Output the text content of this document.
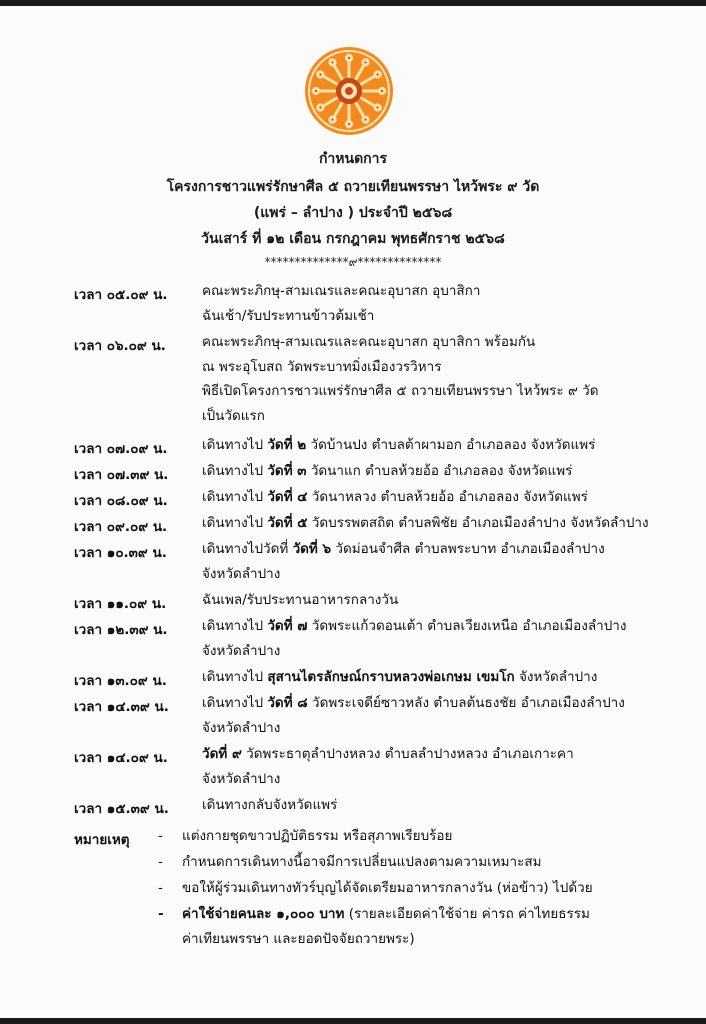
กำหนดการ
โครงการชาวแพร่รักษาศีล ๕ ถวายเทียนพรรษา ไหว้พระ ๙ วัด
(แพร่ – ลำปาง ) ประจำปี ๒๕๖๘
วันเสาร์ ที่ ๑๒ เดือน กรกฎาคม พุทธศักราช ๒๕๖๘
**************๙**************
เวลา ๐๕.๐๙ น.	คณะพระภิกษุ-สามเณรและคณะอุบาสก อุบาสิกา
ฉันเช้า/รับประทานข้าวต้มเช้า
เวลา ๐๖.๐๙ น.	คณะพระภิกษุ-สามเณรและคณะอุบาสก อุบาสิกา พร้อมกัน
ณ พระอุโบสถ วัดพระบาทมิ่งเมืองวรวิหาร
พิธีเปิดโครงการชาวแพร่รักษาศีล ๕ ถวายเทียนพรรษา ไหว้พระ ๙ วัด
เป็นวัดแรก
เวลา ๐๗.๐๙ น.	เดินทางไป วัดที่ ๒ วัดบ้านปง ตำบลต้าผามอก อำเภอลอง จังหวัดแพร่
เวลา ๐๗.๓๙ น. เดินทางไป วัดที่ ๓ วัดนาแก ตำบลห้วยอ้อ อำเภอลอง จังหวัดแพร่
เวลา ๐๘.๐๙ น.	เดินทางไป วัดที่ ๔ วัดนาหลวง ตำบลห้วยอ้อ อำเภอลอง จังหวัดแพร่
เวลา ๐๙.๐๙ น.	เดินทางไป วัดที่ ๕ วัดบรรพตสถิต ตำบลพิชัย อำเภอเมืองลำปาง จังหวัดลำปาง
เวลา ๑๐.๓๙ น.	เดินทางไปวัดที่ วัดที่ ๖ วัดม่อนจำศีล ตำบลพระบาท อำเภอเมืองลำปาง
จังหวัดลำปาง
เวลา ๑๑.๐๙ น.	ฉันเพล/รับประทานอาหารกลางวัน
เวลา ๑๒.๓๙ น.	เดินทางไป วัดที่ ๗ วัดพระแก้วดอนเต้า ตำบลเวียงเหนือ อำเภอเมืองลำปาง
จังหวัดลำปาง
เวลา ๑๓.๐๙ น.	เดินทางไป สุสานไตรลักษณ์กราบหลวงพ่อเกษม เขมโก จังหวัดลำปาง
เวลา ๑๔.๓๙ น. เดินทางไป วัดที่ ๘ วัดพระเจดีย์ซาวหลัง ตำบลต้นธงชัย อำเภอเมืองลำปาง
จังหวัดลำปาง
เวลา ๑๔.๐๙ น.	วัดที่ ๙ วัดพระธาตุลำปางหลวง ตำบลลำปางหลวง อำเภอเกาะคา
จังหวัดลำปาง
เวลา ๑๕.๓๙ น. เดินทางกลับจังหวัดแพร่
หมายเหตุ - แต่งกายชุดขาวปฏิบัติธรรม หรือสุภาพเรียบร้อย
- กำหนดการเดินทางนี้อาจมีการเปลี่ยนแปลงตามความเหมาะสม
- ขอให้ผู้ร่วมเดินทางทัวร์บุญได้จัดเตรียมอาหารกลางวัน (ห่อข้าว) ไปด้วย
- ค่าใช้จ่ายคนละ ๑,๐๐๐ บาท (รายละเอียดค่าใช้จ่าย ค่ารถ ค่าไทยธรรม
ค่าเทียนพรรษา และยอดปัจจัยถวายพระ)
